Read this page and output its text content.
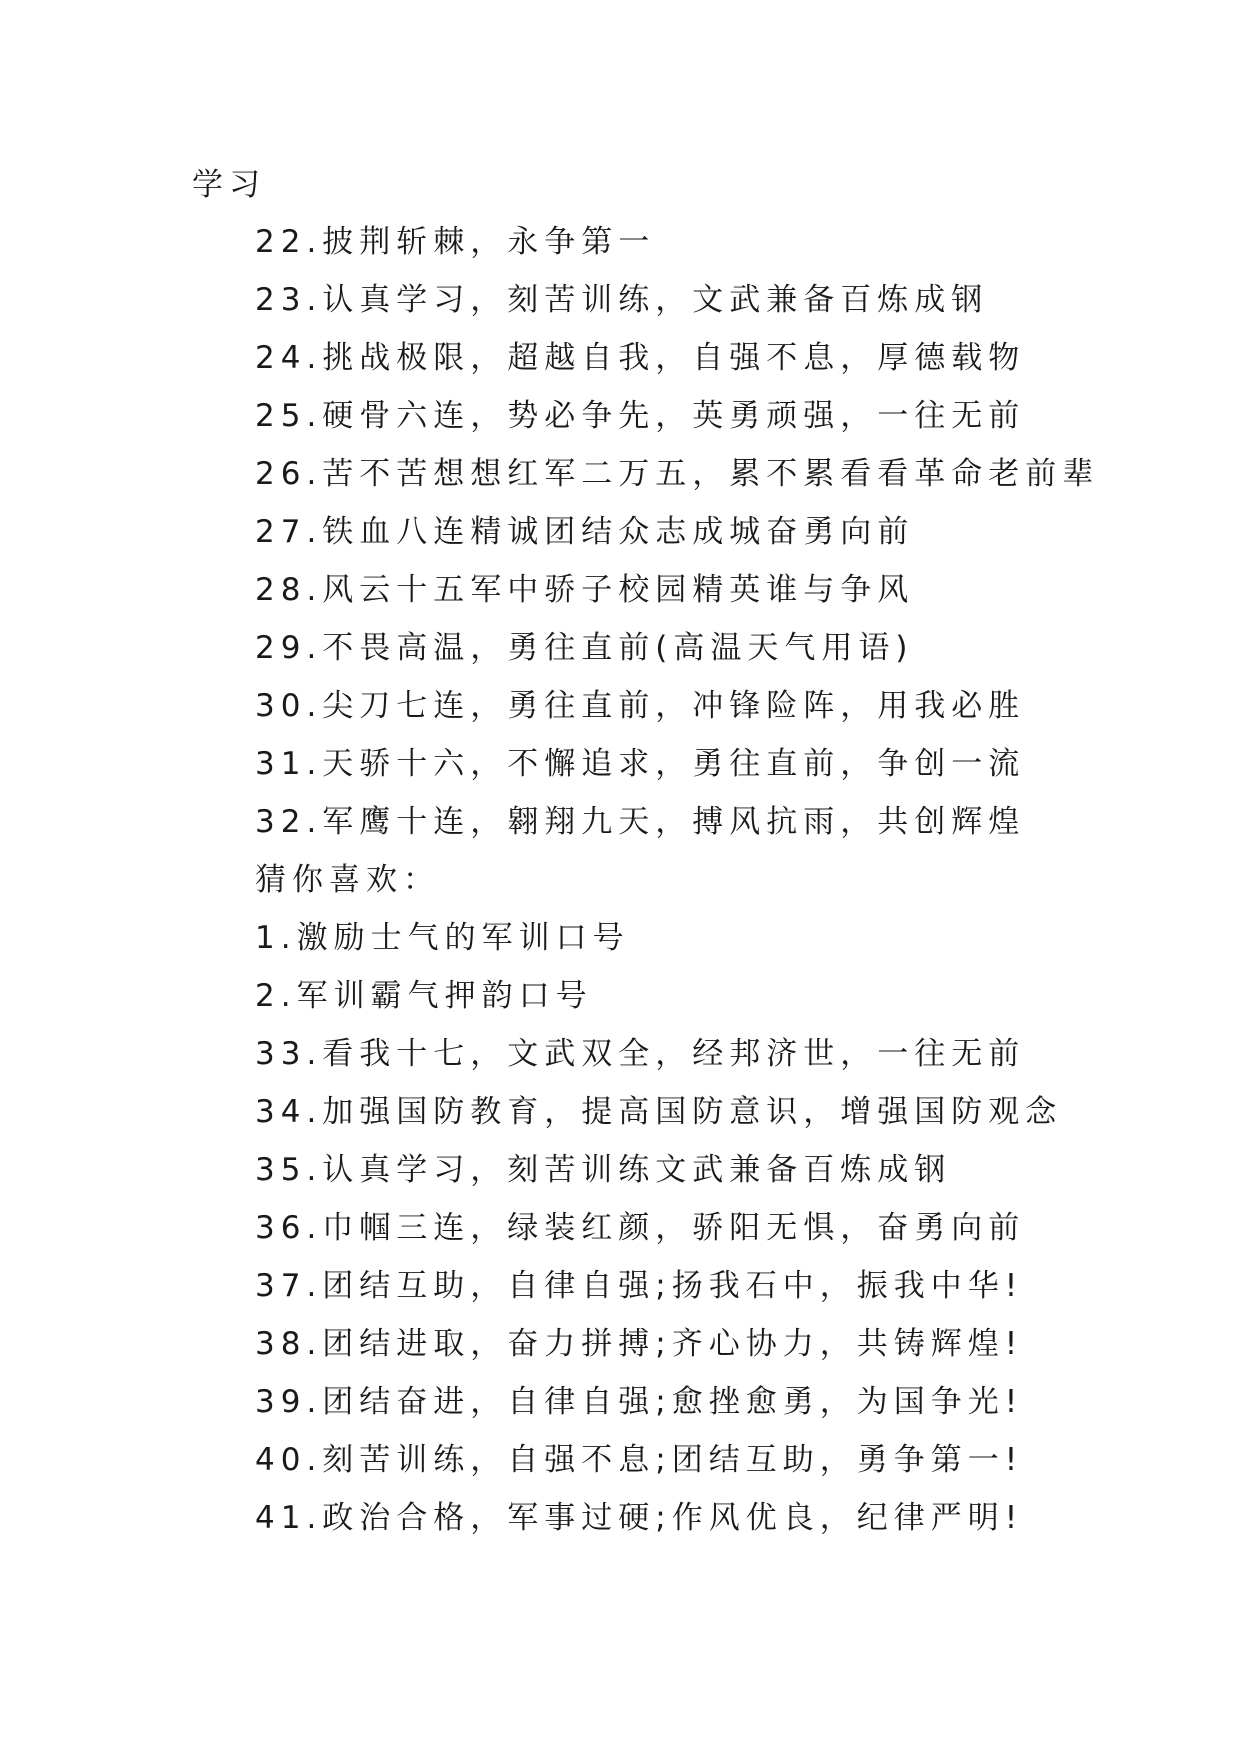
学习
22.披荆斩棘，永争第一
23.认真学习，刻苦训练，文武兼备百炼成钢
24.挑战极限，超越自我，自强不息，厚德载物
25.硬骨六连，势必争先，英勇顽强，一往无前
26.苦不苦想想红军二万五，累不累看看革命老前辈
27.铁血八连精诚团结众志成城奋勇向前
28.风云十五军中骄子校园精英谁与争风
29.不畏高温，勇往直前(高温天气用语)
30.尖刀七连，勇往直前，冲锋险阵，用我必胜
31.天骄十六，不懈追求，勇往直前，争创一流
32.军鹰十连，翱翔九天，搏风抗雨，共创辉煌
猜你喜欢：
1.激励士气的军训口号
2.军训霸气押韵口号
33.看我十七，文武双全，经邦济世，一往无前
34.加强国防教育，提高国防意识，增强国防观念
35.认真学习，刻苦训练文武兼备百炼成钢
36.巾帼三连，绿装红颜，骄阳无惧，奋勇向前
37.团结互助，自律自强;扬我石中，振我中华!
38.团结进取，奋力拼搏;齐心协力，共铸辉煌!
39.团结奋进，自律自强;愈挫愈勇，为国争光!
40.刻苦训练，自强不息;团结互助，勇争第一!
41.政治合格，军事过硬;作风优良，纪律严明!
